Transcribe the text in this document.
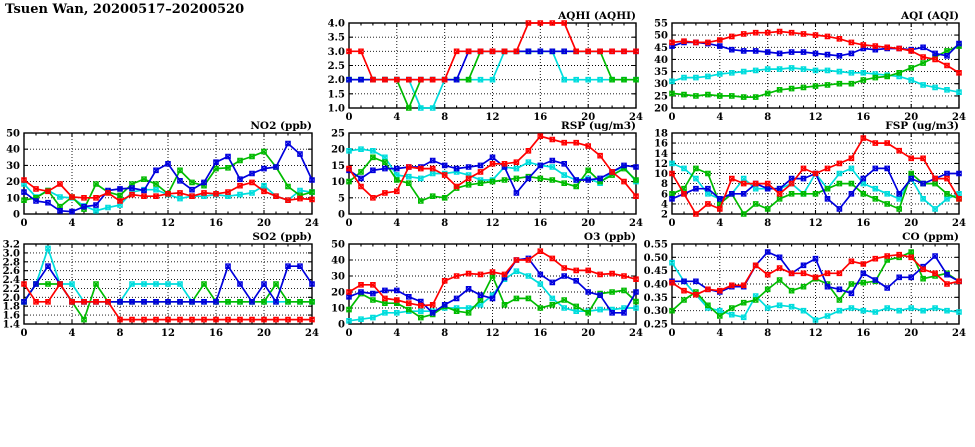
Tsuen Wan, 20200517–20200520
1.0
1.5
2.0
2.5
3.0
3.5
4.0
0	4	8	12	16	20	24
AQHI (AQHI)
20
25
30
35
40
45
50
55
0	4	8	12	16	20	24
AQI (AQI)
0
10
20
30
40
50
0	4	8	12	16	20	24
NO2 (ppb)
0
5
10
15
20
25
0	4	8	12	16	20	24
RSP (ug/m3)
2
4
6
8
10
12
14
16
18
0	4	8	12	16	20	24
FSP (ug/m3)
1.4
1.6
1.8
2.0
2.2
2.4
2.6
2.8
3.0
3.2
0	4	8	12	16	20	24
SO2 (ppb)
0
10
20
30
40
50
0	4	8	12	16	20	24
O3 (ppb)
0.25
0.30
0.35
0.40
0.45
0.50
0.55
0	4	8	12	16	20	24
CO (ppm)
